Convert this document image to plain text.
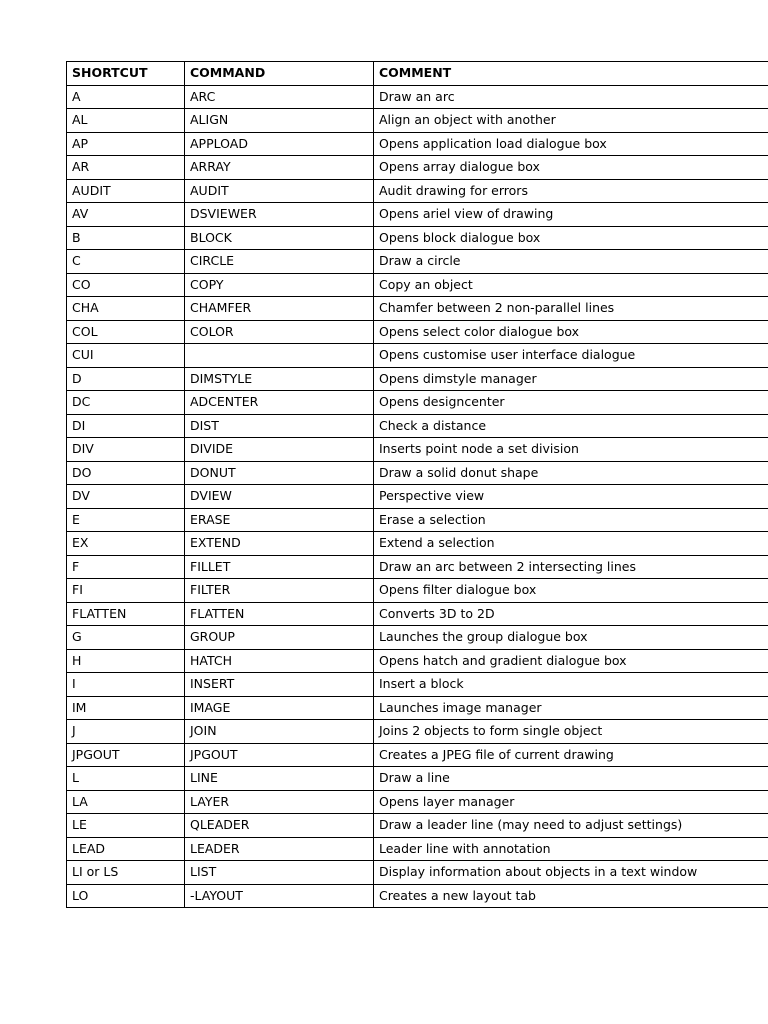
SHORTCUT	COMMAND	COMMENT
A	ARC	Draw an arc
AL	ALIGN	Align an object with another
AP	APPLOAD	Opens application load dialogue box
AR	ARRAY	Opens array dialogue box
AUDIT	AUDIT	Audit drawing for errors
AV	DSVIEWER	Opens ariel view of drawing
B	BLOCK	Opens block dialogue box
C	CIRCLE	Draw a circle
CO	COPY	Copy an object
CHA	CHAMFER	Chamfer between 2 non-parallel lines
COL	COLOR	Opens select color dialogue box
CUI		Opens customise user interface dialogue
D	DIMSTYLE	Opens dimstyle manager
DC	ADCENTER	Opens designcenter
DI	DIST	Check a distance
DIV	DIVIDE	Inserts point node a set division
DO	DONUT	Draw a solid donut shape
DV	DVIEW	Perspective view
E	ERASE	Erase a selection
EX	EXTEND	Extend a selection
F	FILLET	Draw an arc between 2 intersecting lines
FI	FILTER	Opens filter dialogue box
FLATTEN	FLATTEN	Converts 3D to 2D
G	GROUP	Launches the group dialogue box
H	HATCH	Opens hatch and gradient dialogue box
I	INSERT	Insert a block
IM	IMAGE	Launches image manager
J	JOIN	Joins 2 objects to form single object
JPGOUT	JPGOUT	Creates a JPEG file of current drawing
L	LINE	Draw a line
LA	LAYER	Opens layer manager
LE	QLEADER	Draw a leader line (may need to adjust settings)
LEAD	LEADER	Leader line with annotation
LI or LS	LIST	Display information about objects in a text window
LO	-LAYOUT	Creates a new layout tab
